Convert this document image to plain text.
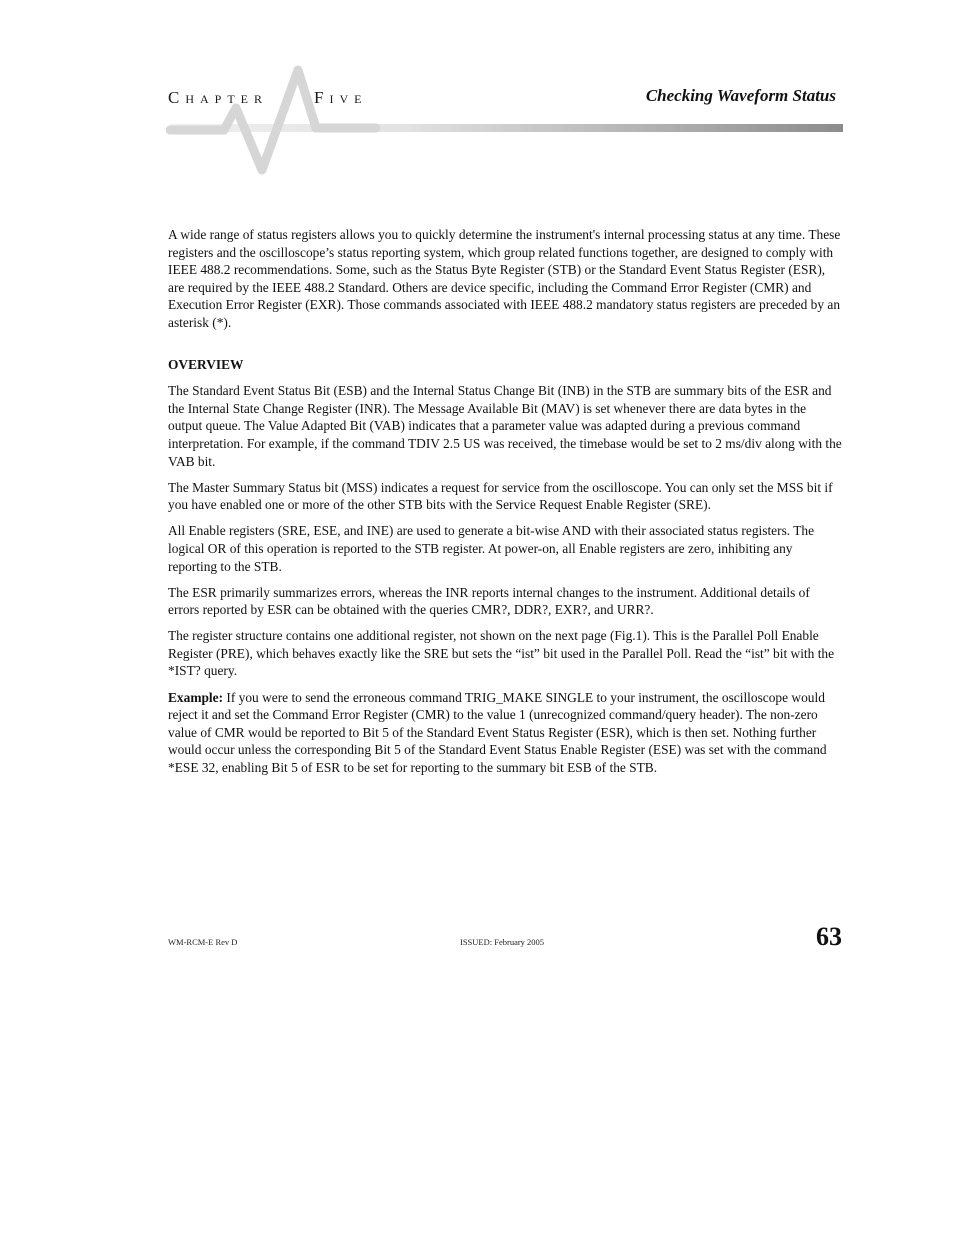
CHAPTER	FIVE	Checking Waveform Status

A wide range of status registers allows you to quickly determine the instrument's internal processing status at any time. These registers and the oscilloscope’s status reporting system, which group related functions together, are designed to comply with IEEE 488.2 recommendations. Some, such as the Status Byte Register (STB) or the Standard Event Status Register (ESR), are required by the IEEE 488.2 Standard. Others are device specific, including the Command Error Register (CMR) and Execution Error Register (EXR). Those commands associated with IEEE 488.2 mandatory status registers are preceded by an asterisk (*).

OVERVIEW

The Standard Event Status Bit (ESB) and the Internal Status Change Bit (INB) in the STB are summary bits of the ESR and the Internal State Change Register (INR). The Message Available Bit (MAV) is set whenever there are data bytes in the output queue. The Value Adapted Bit (VAB) indicates that a parameter value was adapted during a previous command interpretation. For example, if the command TDIV 2.5 US was received, the timebase would be set to 2 ms/div along with the VAB bit.

The Master Summary Status bit (MSS) indicates a request for service from the oscilloscope. You can only set the MSS bit if you have enabled one or more of the other STB bits with the Service Request Enable Register (SRE).

All Enable registers (SRE, ESE, and INE) are used to generate a bit-wise AND with their associated status registers. The logical OR of this operation is reported to the STB register. At power-on, all Enable registers are zero, inhibiting any reporting to the STB.

The ESR primarily summarizes errors, whereas the INR reports internal changes to the instrument. Additional details of errors reported by ESR can be obtained with the queries CMR?, DDR?, EXR?, and URR?.

The register structure contains one additional register, not shown on the next page (Fig.1). This is the Parallel Poll Enable Register (PRE), which behaves exactly like the SRE but sets the “ist” bit used in the Parallel Poll. Read the “ist” bit with the *IST? query.

Example: If you were to send the erroneous command TRIG_MAKE SINGLE to your instrument, the oscilloscope would reject it and set the Command Error Register (CMR) to the value 1 (unrecognized command/query header). The non-zero value of CMR would be reported to Bit 5 of the Standard Event Status Register (ESR), which is then set. Nothing further would occur unless the corresponding Bit 5 of the Standard Event Status Enable Register (ESE) was set with the command *ESE 32, enabling Bit 5 of ESR to be set for reporting to the summary bit ESB of the STB.

WM-RCM-E Rev D	ISSUED: February 2005	63
